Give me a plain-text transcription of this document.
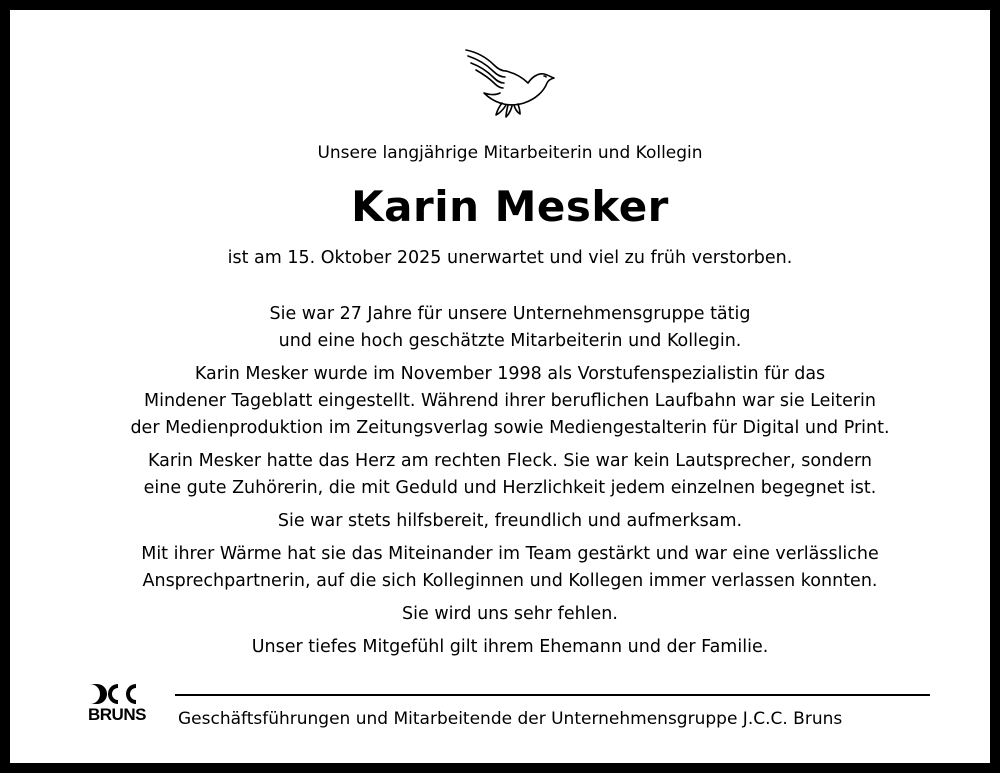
Unsere langjährige Mitarbeiterin und Kollegin
Karin Mesker
ist am 15. Oktober 2025 unerwartet und viel zu früh verstorben.

Sie war 27 Jahre für unsere Unternehmensgruppe tätig
und eine hoch geschätzte Mitarbeiterin und Kollegin.

Karin Mesker wurde im November 1998 als Vorstufenspezialistin für das
Mindener Tageblatt eingestellt. Während ihrer beruflichen Laufbahn war sie Leiterin
der Medienproduktion im Zeitungsverlag sowie Mediengestalterin für Digital und Print.

Karin Mesker hatte das Herz am rechten Fleck. Sie war kein Lautsprecher, sondern
eine gute Zuhörerin, die mit Geduld und Herzlichkeit jedem einzelnen begegnet ist.

Sie war stets hilfsbereit, freundlich und aufmerksam.

Mit ihrer Wärme hat sie das Miteinander im Team gestärkt und war eine verlässliche
Ansprechpartnerin, auf die sich Kolleginnen und Kollegen immer verlassen konnten.

Sie wird uns sehr fehlen.

Unser tiefes Mitgefühl gilt ihrem Ehemann und der Familie.

BRUNS	Geschäftsführungen und Mitarbeitende der Unternehmensgruppe J.C.C. Bruns
